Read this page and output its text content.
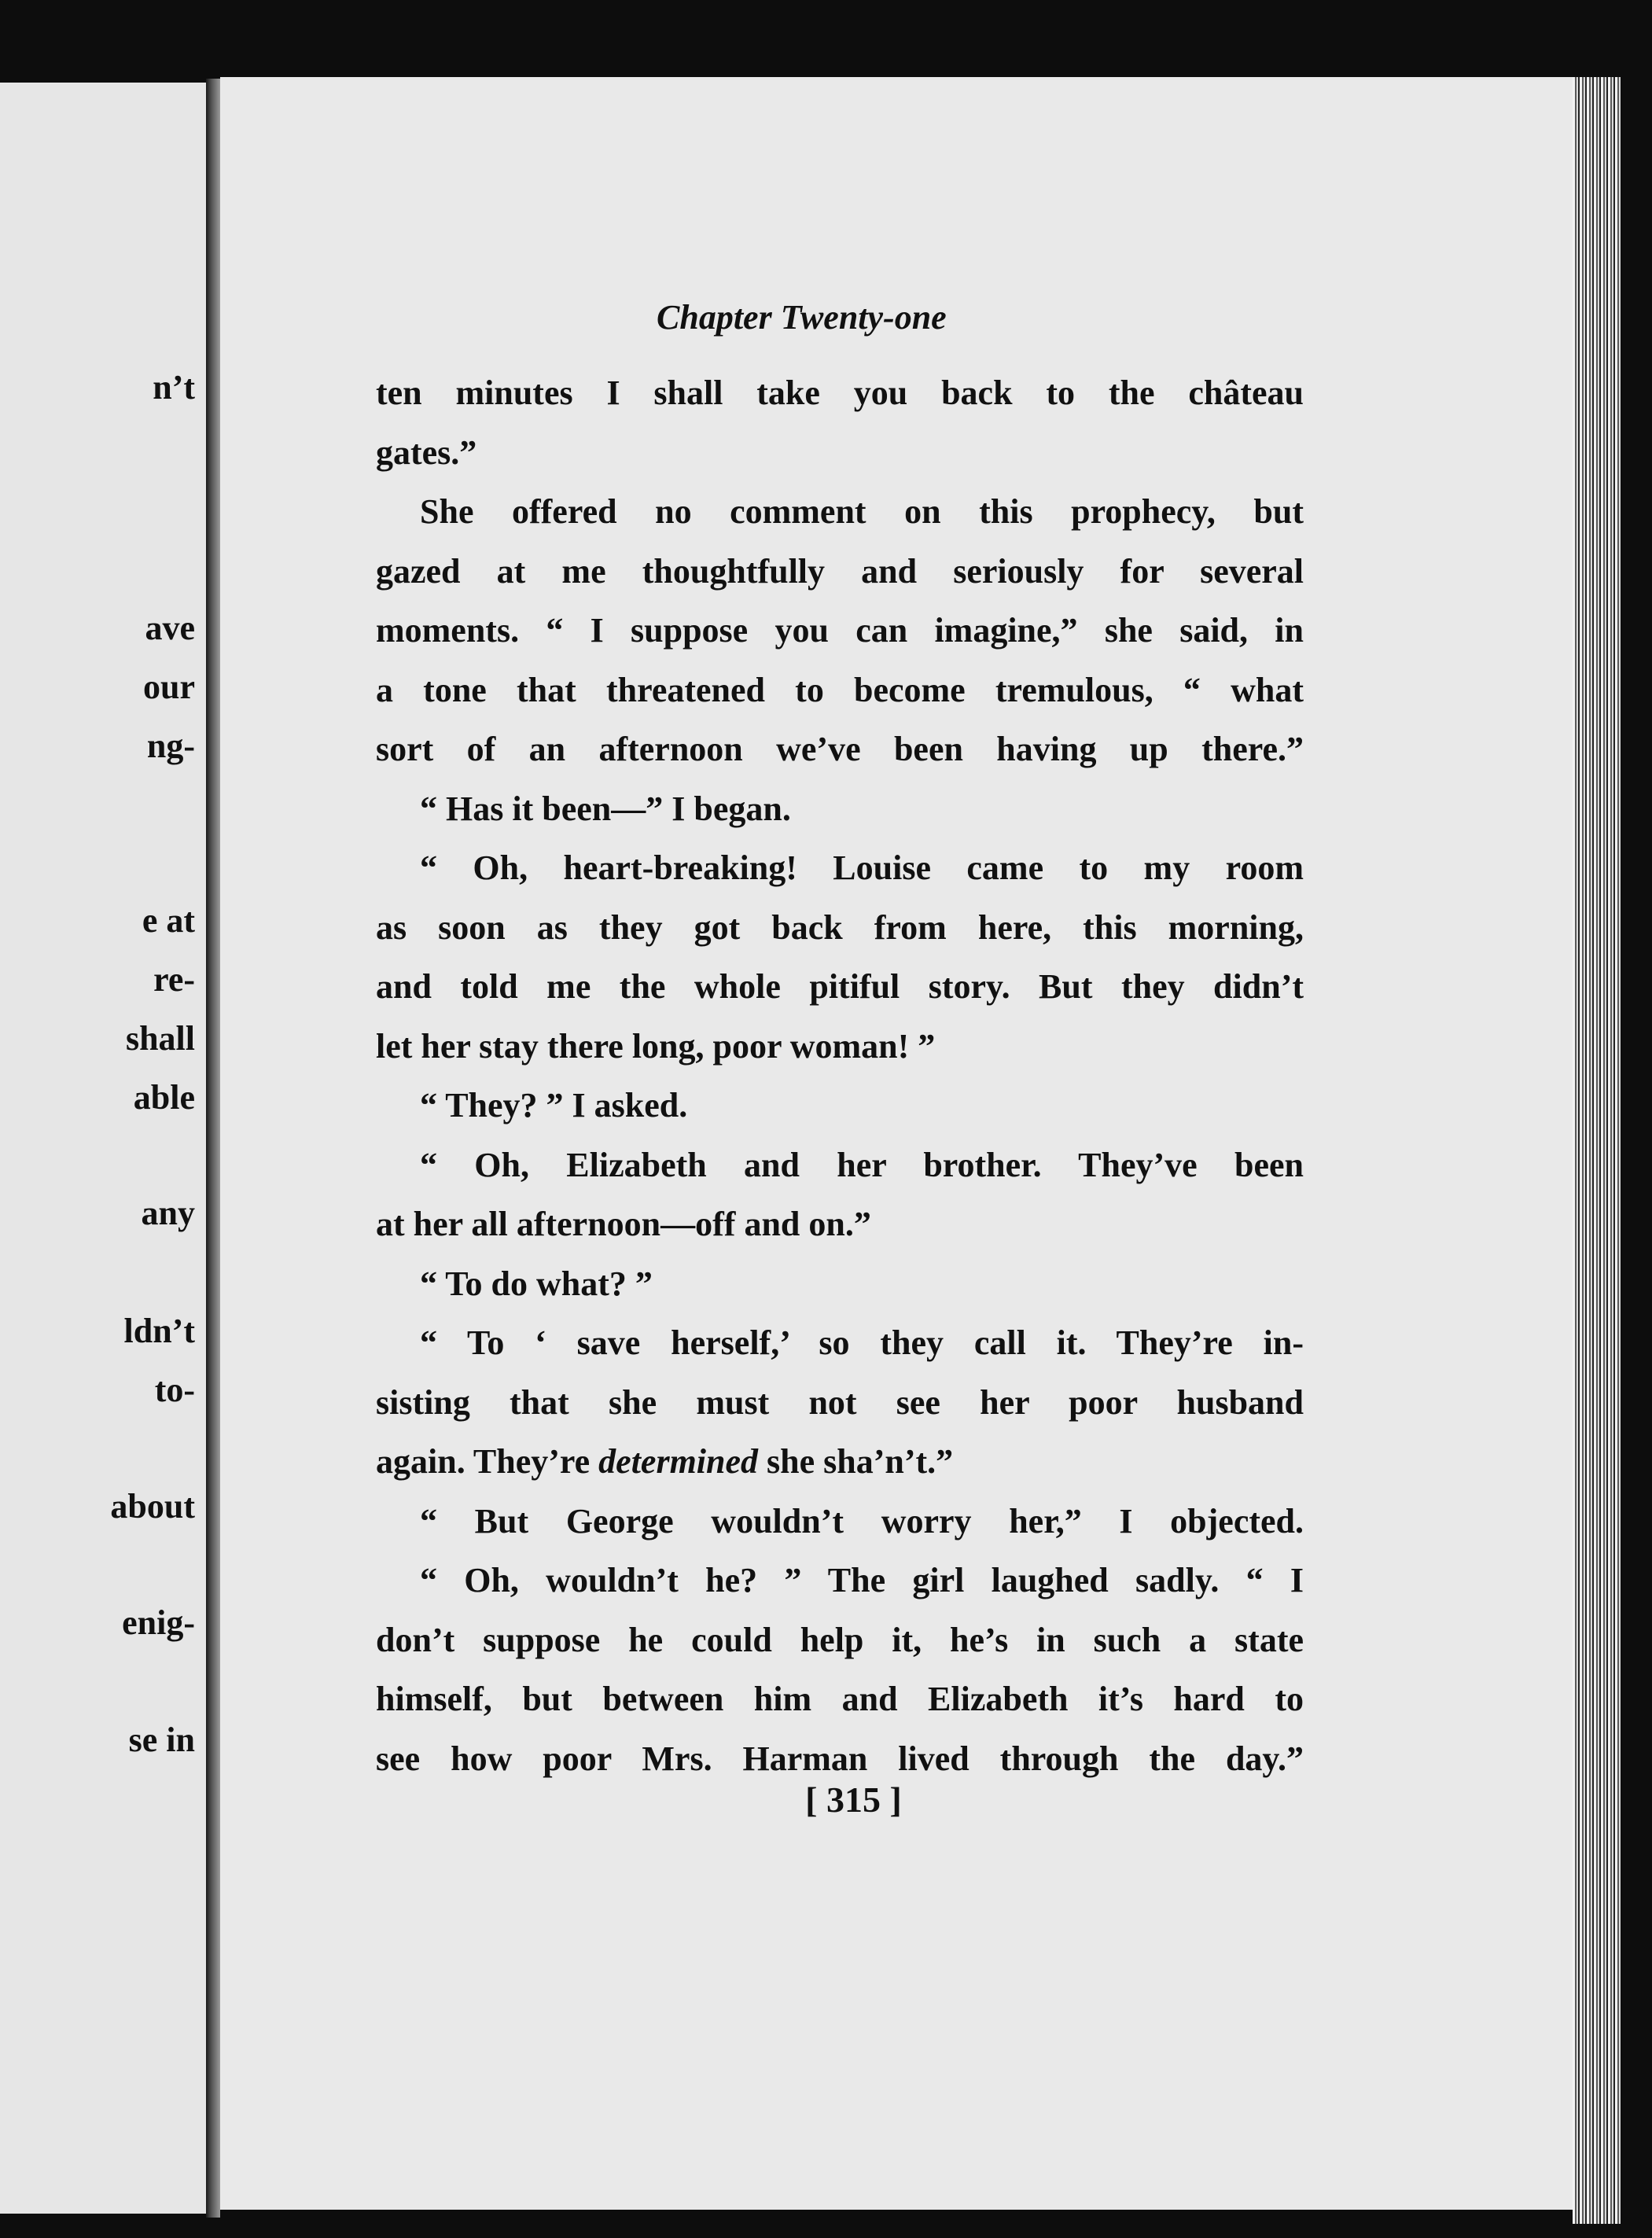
n’t
ave
our
ng-
e at
re-
shall
able
any
ldn’t
to-
about
enig-
se in
Chapter Twenty-one
ten minutes I shall take you back to the château
gates.”
She offered no comment on this prophecy, but
gazed at me thoughtfully and seriously for several
moments. “ I suppose you can imagine,” she said, in
a tone that threatened to become tremulous, “ what
sort of an afternoon we’ve been having up there.”
“ Has it been—” I began.
“ Oh, heart-breaking! Louise came to my room
as soon as they got back from here, this morning,
and told me the whole pitiful story. But they didn’t
let her stay there long, poor woman! ”
“ They? ” I asked.
“ Oh, Elizabeth and her brother. They’ve been
at her all afternoon—off and on.”
“ To do what? ”
“ To ‘ save herself,’ so they call it. They’re in-
sisting that she must not see her poor husband
again. They’re determined she sha’n’t.”
“ But George wouldn’t worry her,” I objected.
“ Oh, wouldn’t he? ” The girl laughed sadly. “ I
don’t suppose he could help it, he’s in such a state
himself, but between him and Elizabeth it’s hard to
see how poor Mrs. Harman lived through the day.”
[ 315 ]
